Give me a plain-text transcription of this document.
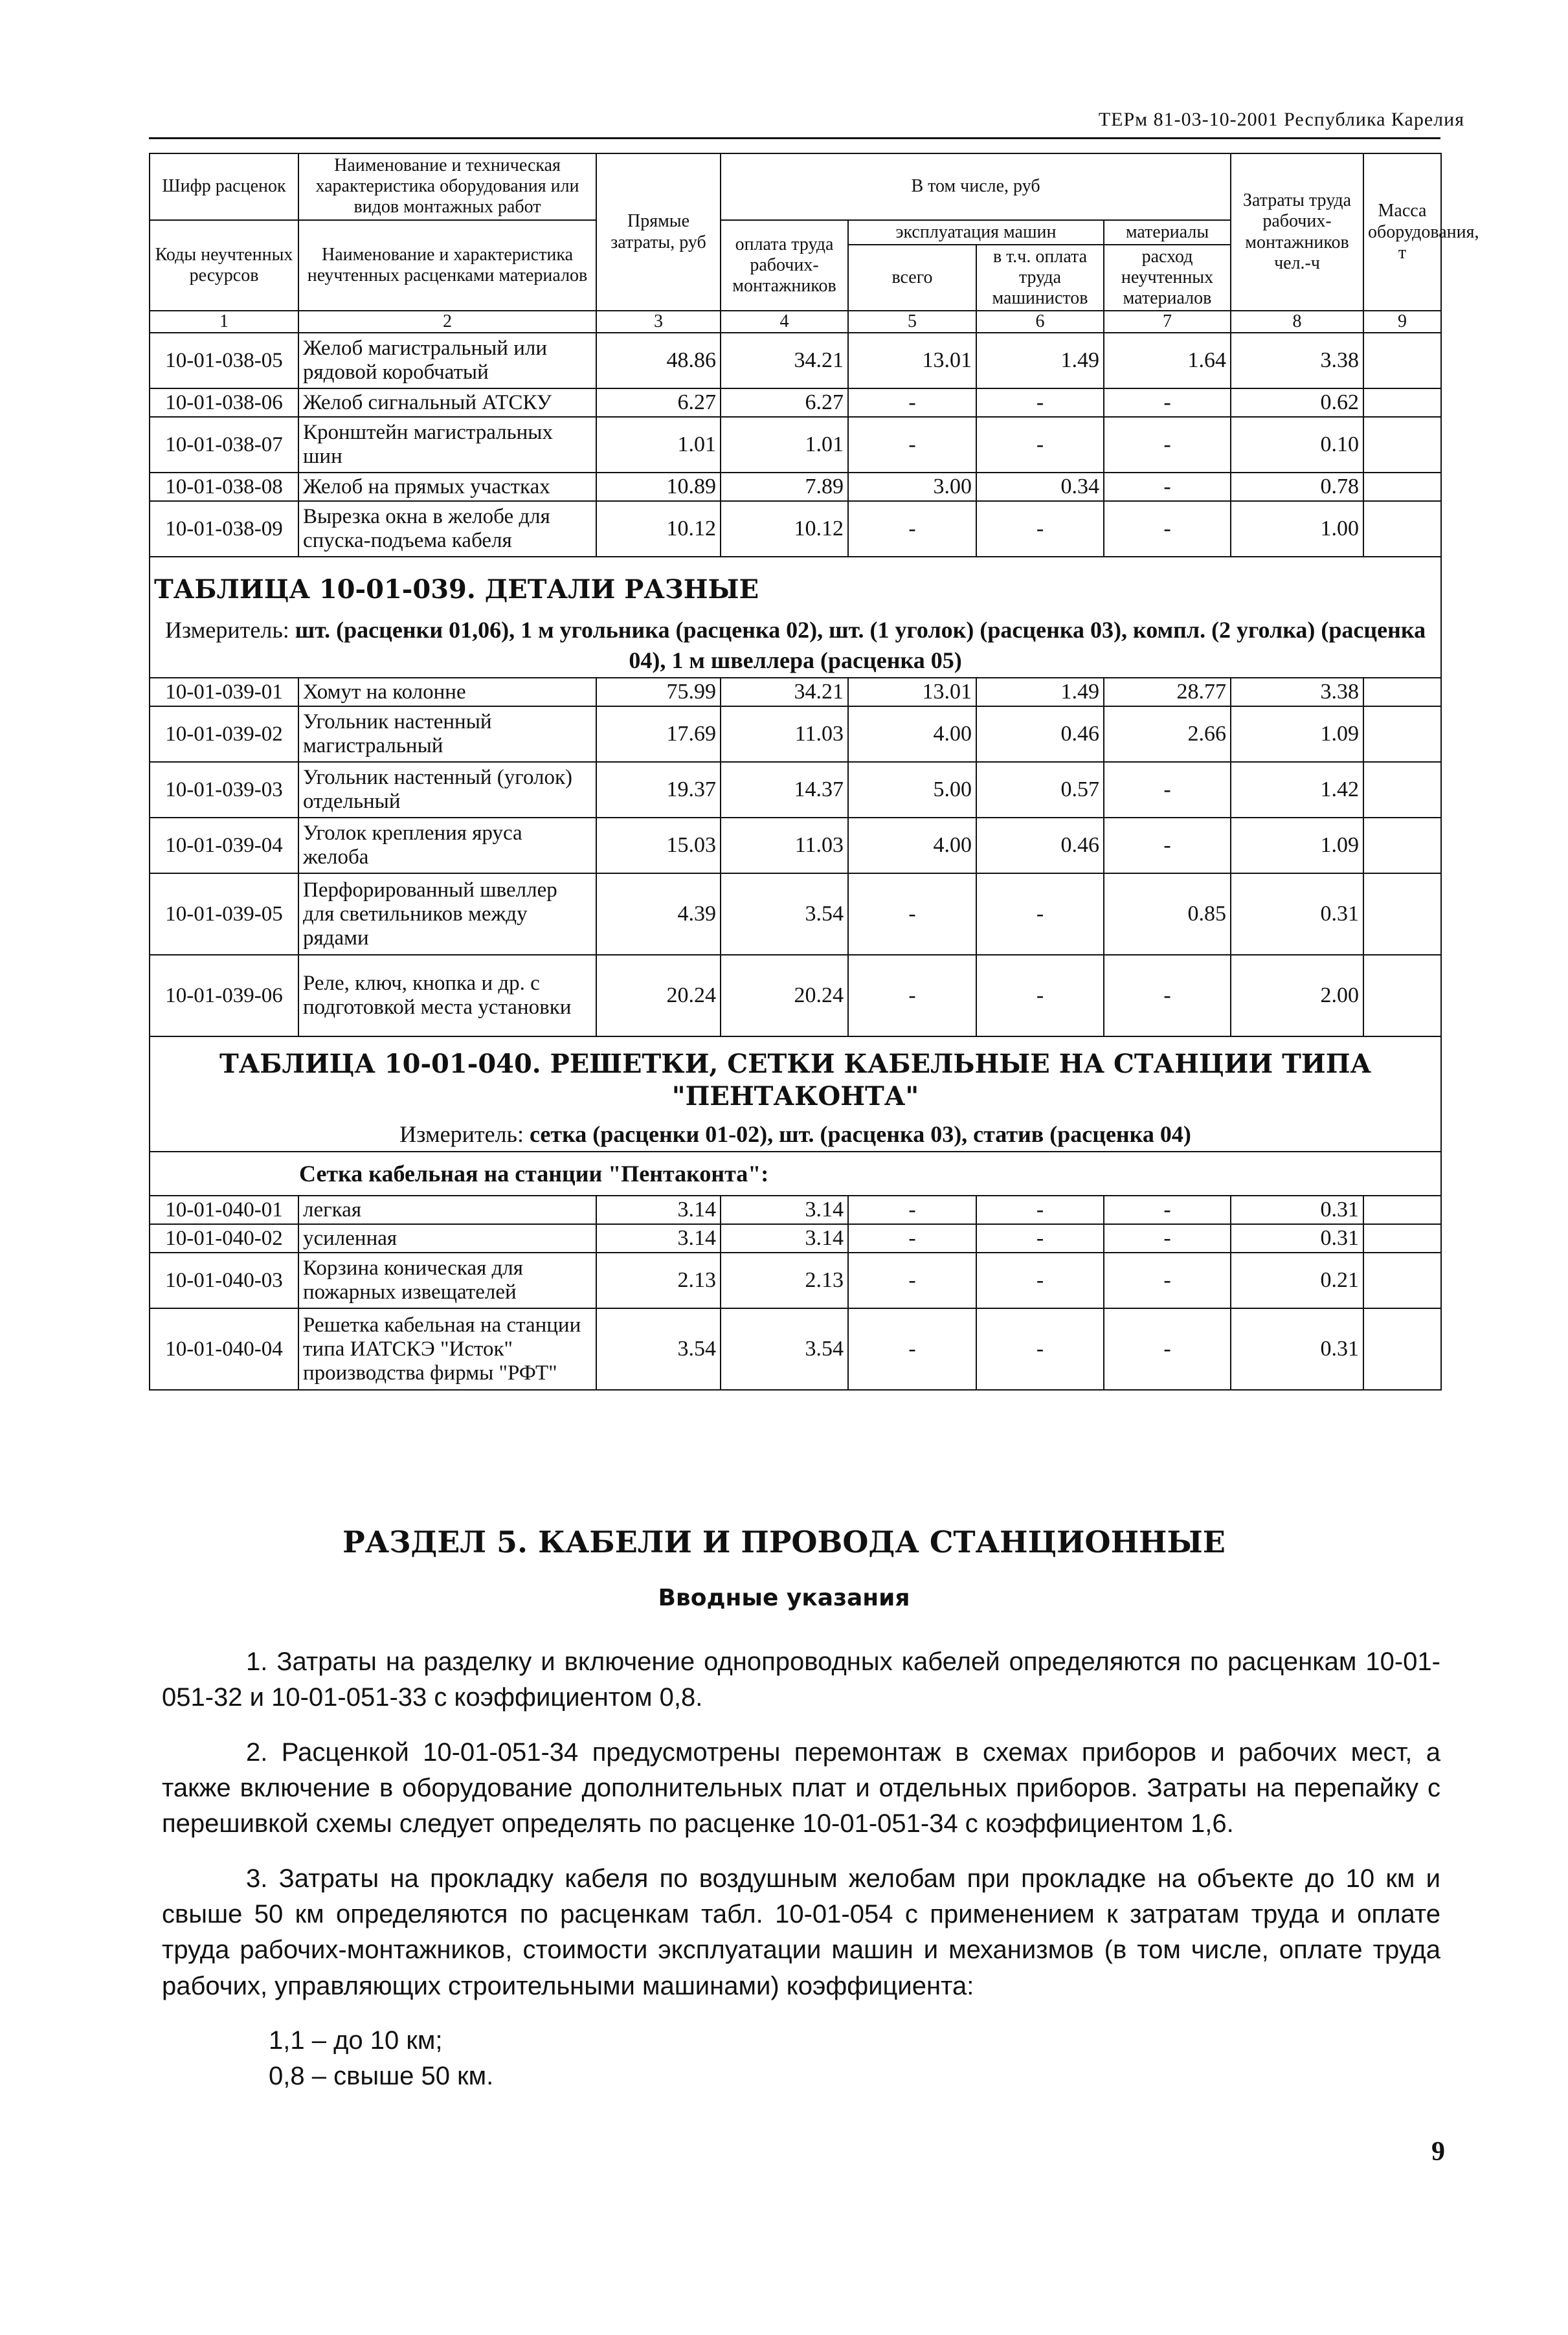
ТЕРм 81-03-10-2001 Республика Карелия
Шифр расценок	Наименование и техническая характеристика оборудования или видов монтажных работ	Прямые затраты, руб	В том числе, руб				Затраты труда рабочих-монтажников чел.-ч	Масса оборудования, т
Коды неучтенных ресурсов	Наименование и характеристика неучтенных расценками материалов		оплата труда рабочих-монтажников	эксплуатация машин		материалы		
				всего	в т.ч. оплата труда машинистов	расход неучтенных материалов		
1	2	3	4	5	6	7	8	9
10-01-038-05	Желоб магистральный или рядовой коробчатый	48.86	34.21	13.01	1.49	1.64	3.38	
10-01-038-06	Желоб сигнальный АТСКУ	6.27	6.27	-	-	-	0.62	
10-01-038-07	Кронштейн магистральных шин	1.01	1.01	-	-	-	0.10	
10-01-038-08	Желоб на прямых участках	10.89	7.89	3.00	0.34	-	0.78	
10-01-038-09	Вырезка окна в желобе для спуска-подъема кабеля	10.12	10.12	-	-	-	1.00	
ТАБЛИЦА 10-01-039. ДЕТАЛИ РАЗНЫЕ								
Измеритель: шт. (расценки 01,06), 1 м угольника (расценка 02), шт. (1 уголок) (расценка 03), компл. (2 уголка) (расценка 04), 1 м швеллера (расценка 05)								
10-01-039-01	Хомут на колонне	75.99	34.21	13.01	1.49	28.77	3.38	
10-01-039-02	Угольник настенный магистральный	17.69	11.03	4.00	0.46	2.66	1.09	
10-01-039-03	Угольник настенный (уголок) отдельный	19.37	14.37	5.00	0.57	-	1.42	
10-01-039-04	Уголок крепления яруса желоба	15.03	11.03	4.00	0.46	-	1.09	
10-01-039-05	Перфорированный швеллер для светильников между рядами	4.39	3.54	-	-	0.85	0.31	
10-01-039-06	Реле, ключ, кнопка и др. с подготовкой места установки	20.24	20.24	-	-	-	2.00	

ТАБЛИЦА 10-01-040. РЕШЕТКИ, СЕТКИ КАБЕЛЬНЫЕ НА СТАНЦИИ ТИПА
"ПЕНТАКОНТА"								

Измеритель: сетка (расценки 01-02), шт. (расценка 03), статив (расценка 04)								
Сетка кабельная на станции "Пентаконта":								
10-01-040-01	легкая	3.14	3.14	-	-	-	0.31	
10-01-040-02	усиленная	3.14	3.14	-	-	-	0.31	
10-01-040-03	Корзина коническая для пожарных извещателей	2.13	2.13	-	-	-	0.21	
10-01-040-04	Решетка кабельная на станции типа ИАТСКЭ "Исток" производства фирмы "РФТ"	3.54	3.54	-	-	-	0.31	
РАЗДЕЛ 5. КАБЕЛИ И ПРОВОДА СТАНЦИОННЫЕ
Вводные указания
1. Затраты на разделку и включение однопроводных кабелей определяются по расценкам 10-01-051-32 и 10-01-051-33 с коэффициентом 0,8.
2. Расценкой 10-01-051-34 предусмотрены перемонтаж в схемах приборов и рабочих мест, а также включение в оборудование дополнительных плат и отдельных приборов. Затраты на перепайку с перешивкой схемы следует определять по расценке 10-01-051-34 с коэффициентом 1,6.
3. Затраты на прокладку кабеля по воздушным желобам при прокладке на объекте до 10 км и свыше 50 км определяются по расценкам табл. 10-01-054 с применением к затратам труда и оплате труда рабочих-монтажников, стоимости эксплуатации машин и механизмов (в том числе, оплате труда рабочих, управляющих строительными машинами) коэффициента:
1,1 – до 10 км;
0,8 – свыше 50 км.
9
